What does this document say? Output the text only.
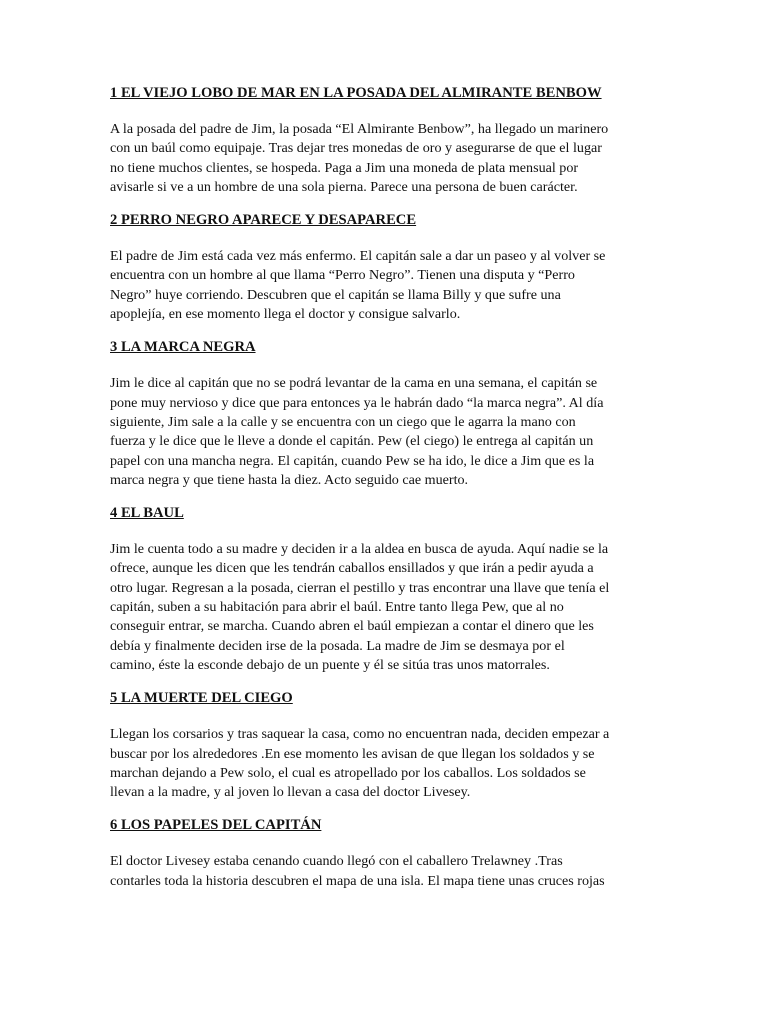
1 EL VIEJO LOBO DE MAR EN LA POSADA DEL ALMIRANTE BENBOW

A la posada del padre de Jim, la posada “El Almirante Benbow”, ha llegado un marinero
con un baúl como equipaje. Tras dejar tres monedas de oro y asegurarse de que el lugar
no tiene muchos clientes, se hospeda. Paga a Jim una moneda de plata mensual por
avisarle si ve a un hombre de una sola pierna. Parece una persona de buen carácter.

2 PERRO NEGRO APARECE Y DESAPARECE

El padre de Jim está cada vez más enfermo. El capitán sale a dar un paseo y al volver se
encuentra con un hombre al que llama “Perro Negro”. Tienen una disputa y “Perro
Negro” huye corriendo. Descubren que el capitán se llama Billy y que sufre una
apoplejía, en ese momento llega el doctor y consigue salvarlo.

3 LA MARCA NEGRA

Jim le dice al capitán que no se podrá levantar de la cama en una semana, el capitán se
pone muy nervioso y dice que para entonces ya le habrán dado “la marca negra”. Al día
siguiente, Jim sale a la calle y se encuentra con un ciego que le agarra la mano con
fuerza y le dice que le lleve a donde el capitán. Pew (el ciego) le entrega al capitán un
papel con una mancha negra. El capitán, cuando Pew se ha ido, le dice a Jim que es la
marca negra y que tiene hasta la diez. Acto seguido cae muerto.

4 EL BAUL

Jim le cuenta todo a su madre y deciden ir a la aldea en busca de ayuda. Aquí nadie se la
ofrece, aunque les dicen que les tendrán caballos ensillados y que irán a pedir ayuda a
otro lugar. Regresan a la posada, cierran el pestillo y tras encontrar una llave que tenía el
capitán, suben a su habitación para abrir el baúl. Entre tanto llega Pew, que al no
conseguir entrar, se marcha. Cuando abren el baúl empiezan a contar el dinero que les
debía y finalmente deciden irse de la posada. La madre de Jim se desmaya por el
camino, éste la esconde debajo de un puente y él se sitúa tras unos matorrales.

5 LA MUERTE DEL CIEGO

Llegan los corsarios y tras saquear la casa, como no encuentran nada, deciden empezar a
buscar por los alrededores .En ese momento les avisan de que llegan los soldados y se
marchan dejando a Pew solo, el cual es atropellado por los caballos. Los soldados se
llevan a la madre, y al joven lo llevan a casa del doctor Livesey.

6 LOS PAPELES DEL CAPITÁN

El doctor Livesey estaba cenando cuando llegó con el caballero Trelawney .Tras
contarles toda la historia descubren el mapa de una isla. El mapa tiene unas cruces rojas
